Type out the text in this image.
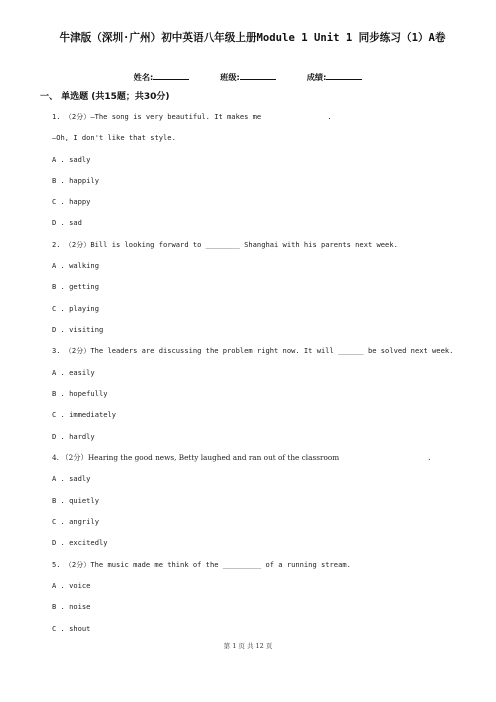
牛津版（深圳·广州）初中英语八年级上册Module 1 Unit 1 同步练习（1）A卷
姓名:	班级:	成绩:
一、 单选题 (共15题；共30分)
1. （2分）—The song is very beautiful. It makes me	.
—Oh, I don't like that style.
A . sadly
B . happily
C . happy
D . sad
2. （2分）Bill is looking forward to ________ Shanghai with his parents next week.
A . walking
B . getting
C . playing
D . visiting
3. （2分）The leaders are discussing the problem right now. It will ______ be solved next week.
A . easily
B . hopefully
C . immediately
D . hardly
4. （2分）Hearing the good news, Betty laughed and ran out of the classroom	.
A . sadly
B . quietly
C . angrily
D . excitedly
5. （2分）The music made me think of the _________ of a running stream.
A . voice
B . noise
C . shout
第 1 页 共 12 页
